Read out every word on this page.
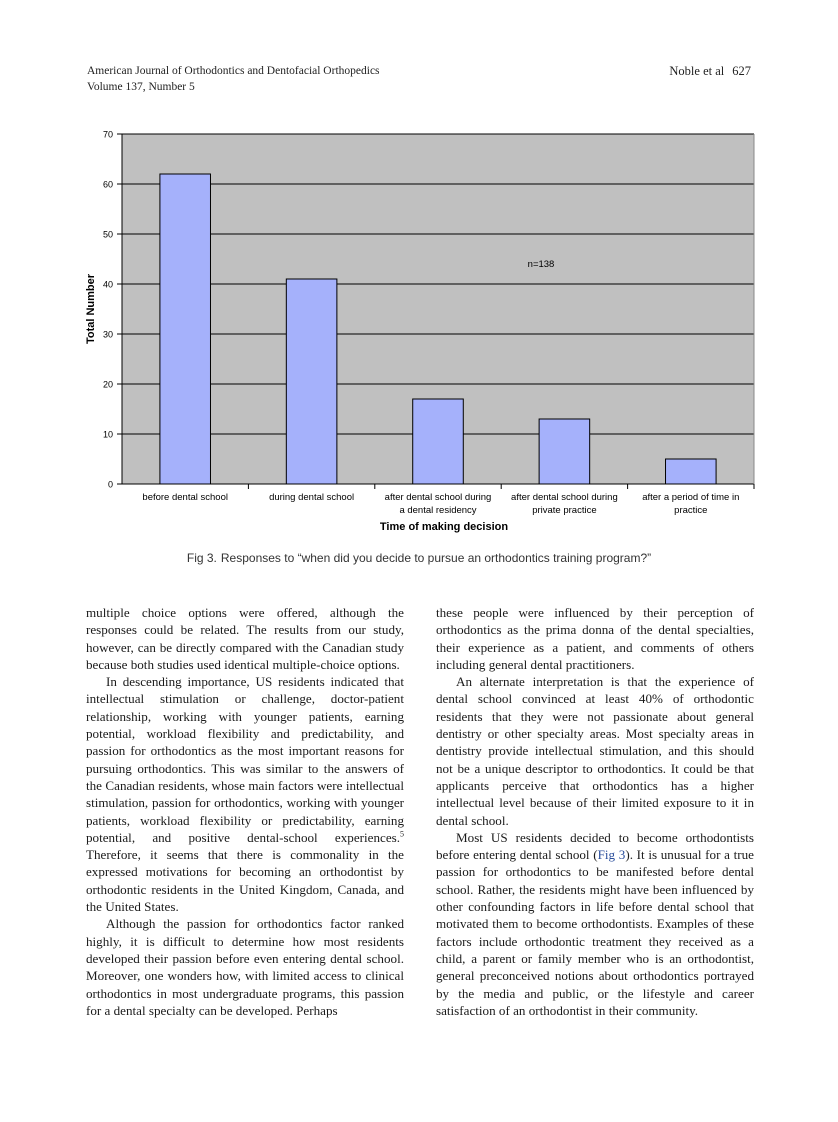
American Journal of Orthodontics and Dentofacial Orthopedics
Volume 137, Number 5
Noble et al 627
0
10
20
30
40
50
60
70
before dental school	during dental school	after dental school during
a dental residency
after dental school during
private practice
after a period of time in
practice
Time of making decision
Total Number
n=138
Fig 3. Responses to “when did you decide to pursue an orthodontics training program?”

multiple choice options were offered, although the responses could be related. The results from our study, however, can be directly compared with the Canadian study because both studies used identical multiple-choice options.

In descending importance, US residents indicated that intellectual stimulation or challenge, doctor-patient relationship, working with younger patients, earning potential, workload flexibility and predictability, and passion for orthodontics as the most important reasons for pursuing orthodontics. This was similar to the answers of the Canadian residents, whose main factors were intellectual stimulation, passion for orthodontics, working with younger patients, workload flexibility or predictability, earning potential, and positive dental-school experiences.$^5$ Therefore, it seems that there is commonality in the expressed motivations for becoming an orthodontist by orthodontic residents in the United Kingdom, Canada, and the United States.

Although the passion for orthodontics factor ranked highly, it is difficult to determine how most residents developed their passion before even entering dental school. Moreover, one wonders how, with limited access to clinical orthodontics in most undergraduate programs, this passion for a dental specialty can be developed. Perhaps

these people were influenced by their perception of orthodontics as the prima donna of the dental specialties, their experience as a patient, and comments of others including general dental practitioners.

An alternate interpretation is that the experience of dental school convinced at least 40% of orthodontic residents that they were not passionate about general dentistry or other specialty areas. Most specialty areas in dentistry provide intellectual stimulation, and this should not be a unique descriptor to orthodontics. It could be that applicants perceive that orthodontics has a higher intellectual level because of their limited exposure to it in dental school.

Most US residents decided to become orthodontists before entering dental school (Fig 3). It is unusual for a true passion for orthodontics to be manifested before dental school. Rather, the residents might have been influenced by other confounding factors in life before dental school that motivated them to become orthodontists. Examples of these factors include orthodontic treatment they received as a child, a parent or family member who is an orthodontist, general preconceived notions about orthodontics portrayed by the media and public, or the lifestyle and career satisfaction of an orthodontist in their community.
